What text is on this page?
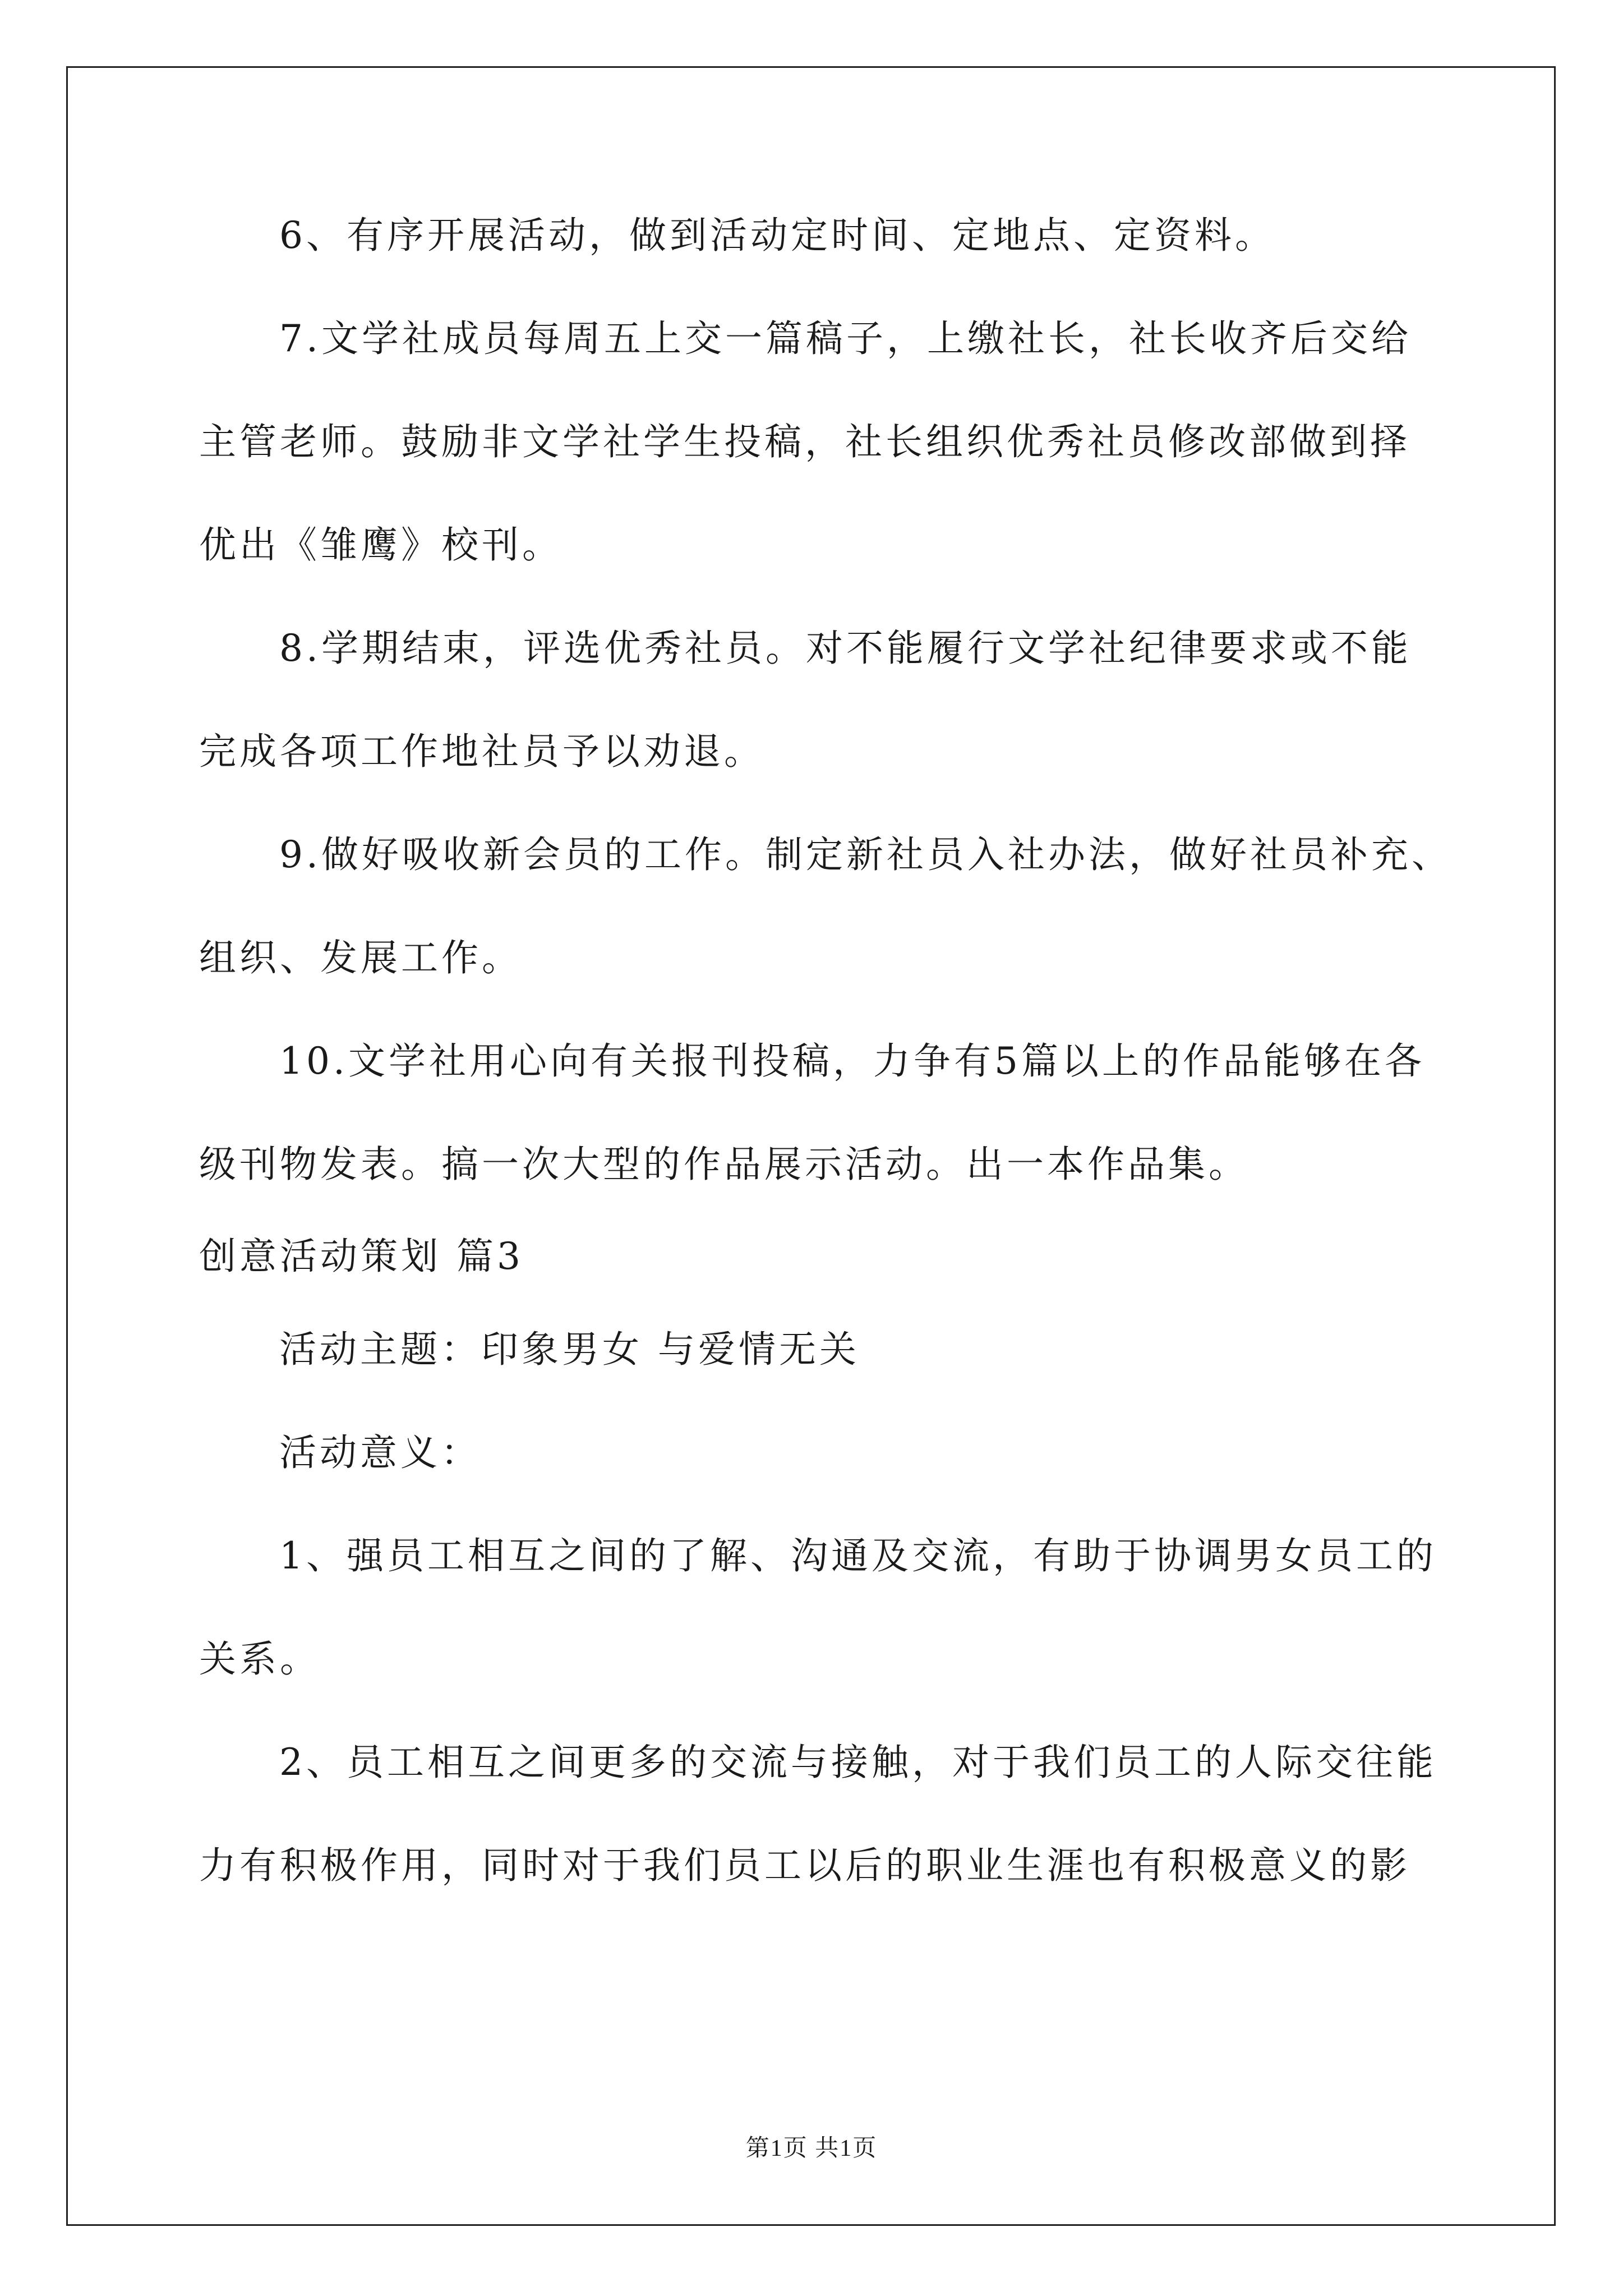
6、有序开展活动，做到活动定时间、定地点、定资料。
7.文学社成员每周五上交一篇稿子，上缴社长，社长收齐后交给
主管老师。鼓励非文学社学生投稿，社长组织优秀社员修改部做到择
优出《雏鹰》校刊。
8.学期结束，评选优秀社员。对不能履行文学社纪律要求或不能
完成各项工作地社员予以劝退。
9.做好吸收新会员的工作。制定新社员入社办法，做好社员补充、
组织、发展工作。
10.文学社用心向有关报刊投稿，力争有5篇以上的作品能够在各
级刊物发表。搞一次大型的作品展示活动。出一本作品集。
创意活动策划 篇3
活动主题：印象男女 与爱情无关
活动意义：
1、强员工相互之间的了解、沟通及交流，有助于协调男女员工的
关系。
2、员工相互之间更多的交流与接触，对于我们员工的人际交往能
力有积极作用，同时对于我们员工以后的职业生涯也有积极意义的影
第1页 共1页
